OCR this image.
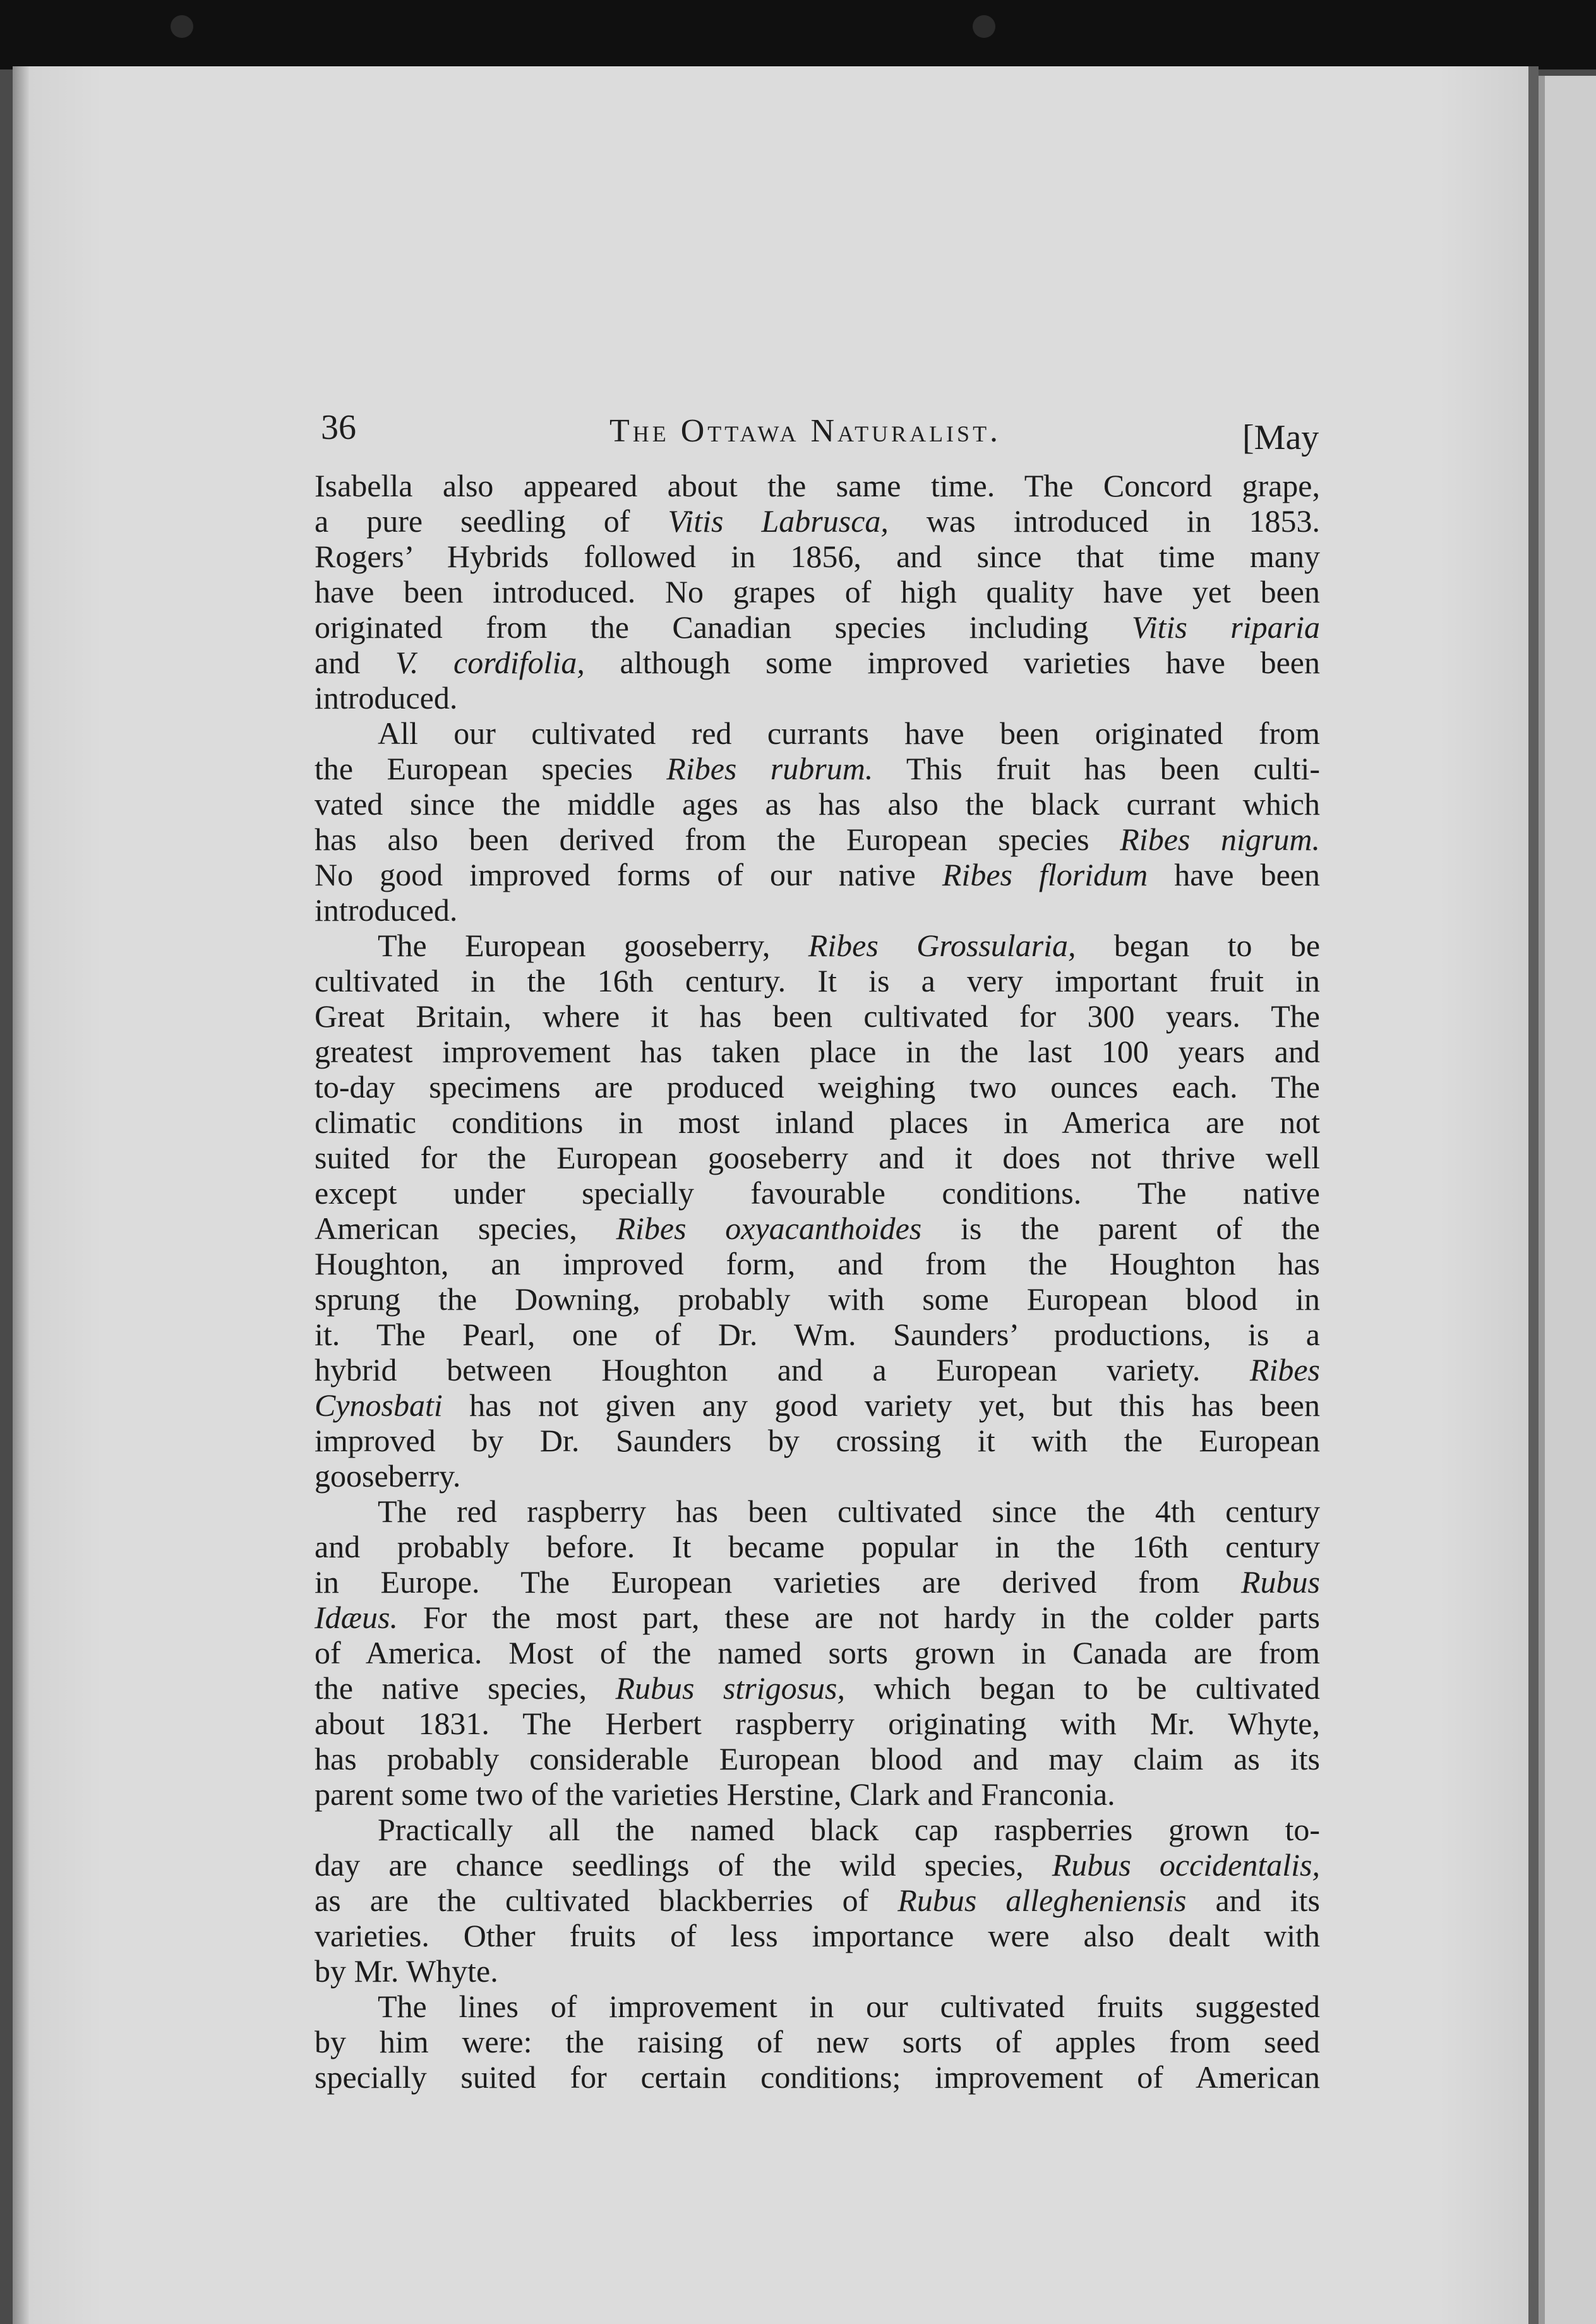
36	The Ottawa Naturalist.	[May
Isabella also appeared about the same time. The Concord grape,
a pure seedling of Vitis Labrusca, was introduced in 1853.
Rogers’ Hybrids followed in 1856, and since that time many
have been introduced. No grapes of high quality have yet been
originated from the Canadian species including Vitis riparia
and V. cordifolia, although some improved varieties have been
introduced.
All our cultivated red currants have been originated from
the European species Ribes rubrum. This fruit has been culti-
vated since the middle ages as has also the black currant which
has also been derived from the European species Ribes nigrum.
No good improved forms of our native Ribes floridum have been
introduced.
The European gooseberry, Ribes Grossularia, began to be
cultivated in the 16th century. It is a very important fruit in
Great Britain, where it has been cultivated for 300 years. The
greatest improvement has taken place in the last 100 years and
to-day specimens are produced weighing two ounces each. The
climatic conditions in most inland places in America are not
suited for the European gooseberry and it does not thrive well
except under specially favourable conditions. The native
American species, Ribes oxyacanthoides is the parent of the
Houghton, an improved form, and from the Houghton has
sprung the Downing, probably with some European blood in
it. The Pearl, one of Dr. Wm. Saunders’ productions, is a
hybrid between Houghton and a European variety. Ribes
Cynosbati has not given any good variety yet, but this has been
improved by Dr. Saunders by crossing it with the European
gooseberry.
The red raspberry has been cultivated since the 4th century
and probably before. It became popular in the 16th century
in Europe. The European varieties are derived from Rubus
Idæus. For the most part, these are not hardy in the colder parts
of America. Most of the named sorts grown in Canada are from
the native species, Rubus strigosus, which began to be cultivated
about 1831. The Herbert raspberry originating with Mr. Whyte,
has probably considerable European blood and may claim as its
parent some two of the varieties Herstine, Clark and Franconia.
Practically all the named black cap raspberries grown to-
day are chance seedlings of the wild species, Rubus occidentalis,
as are the cultivated blackberries of Rubus allegheniensis and its
varieties. Other fruits of less importance were also dealt with
by Mr. Whyte.
The lines of improvement in our cultivated fruits suggested
by him were: the raising of new sorts of apples from seed
specially suited for certain conditions; improvement of American
